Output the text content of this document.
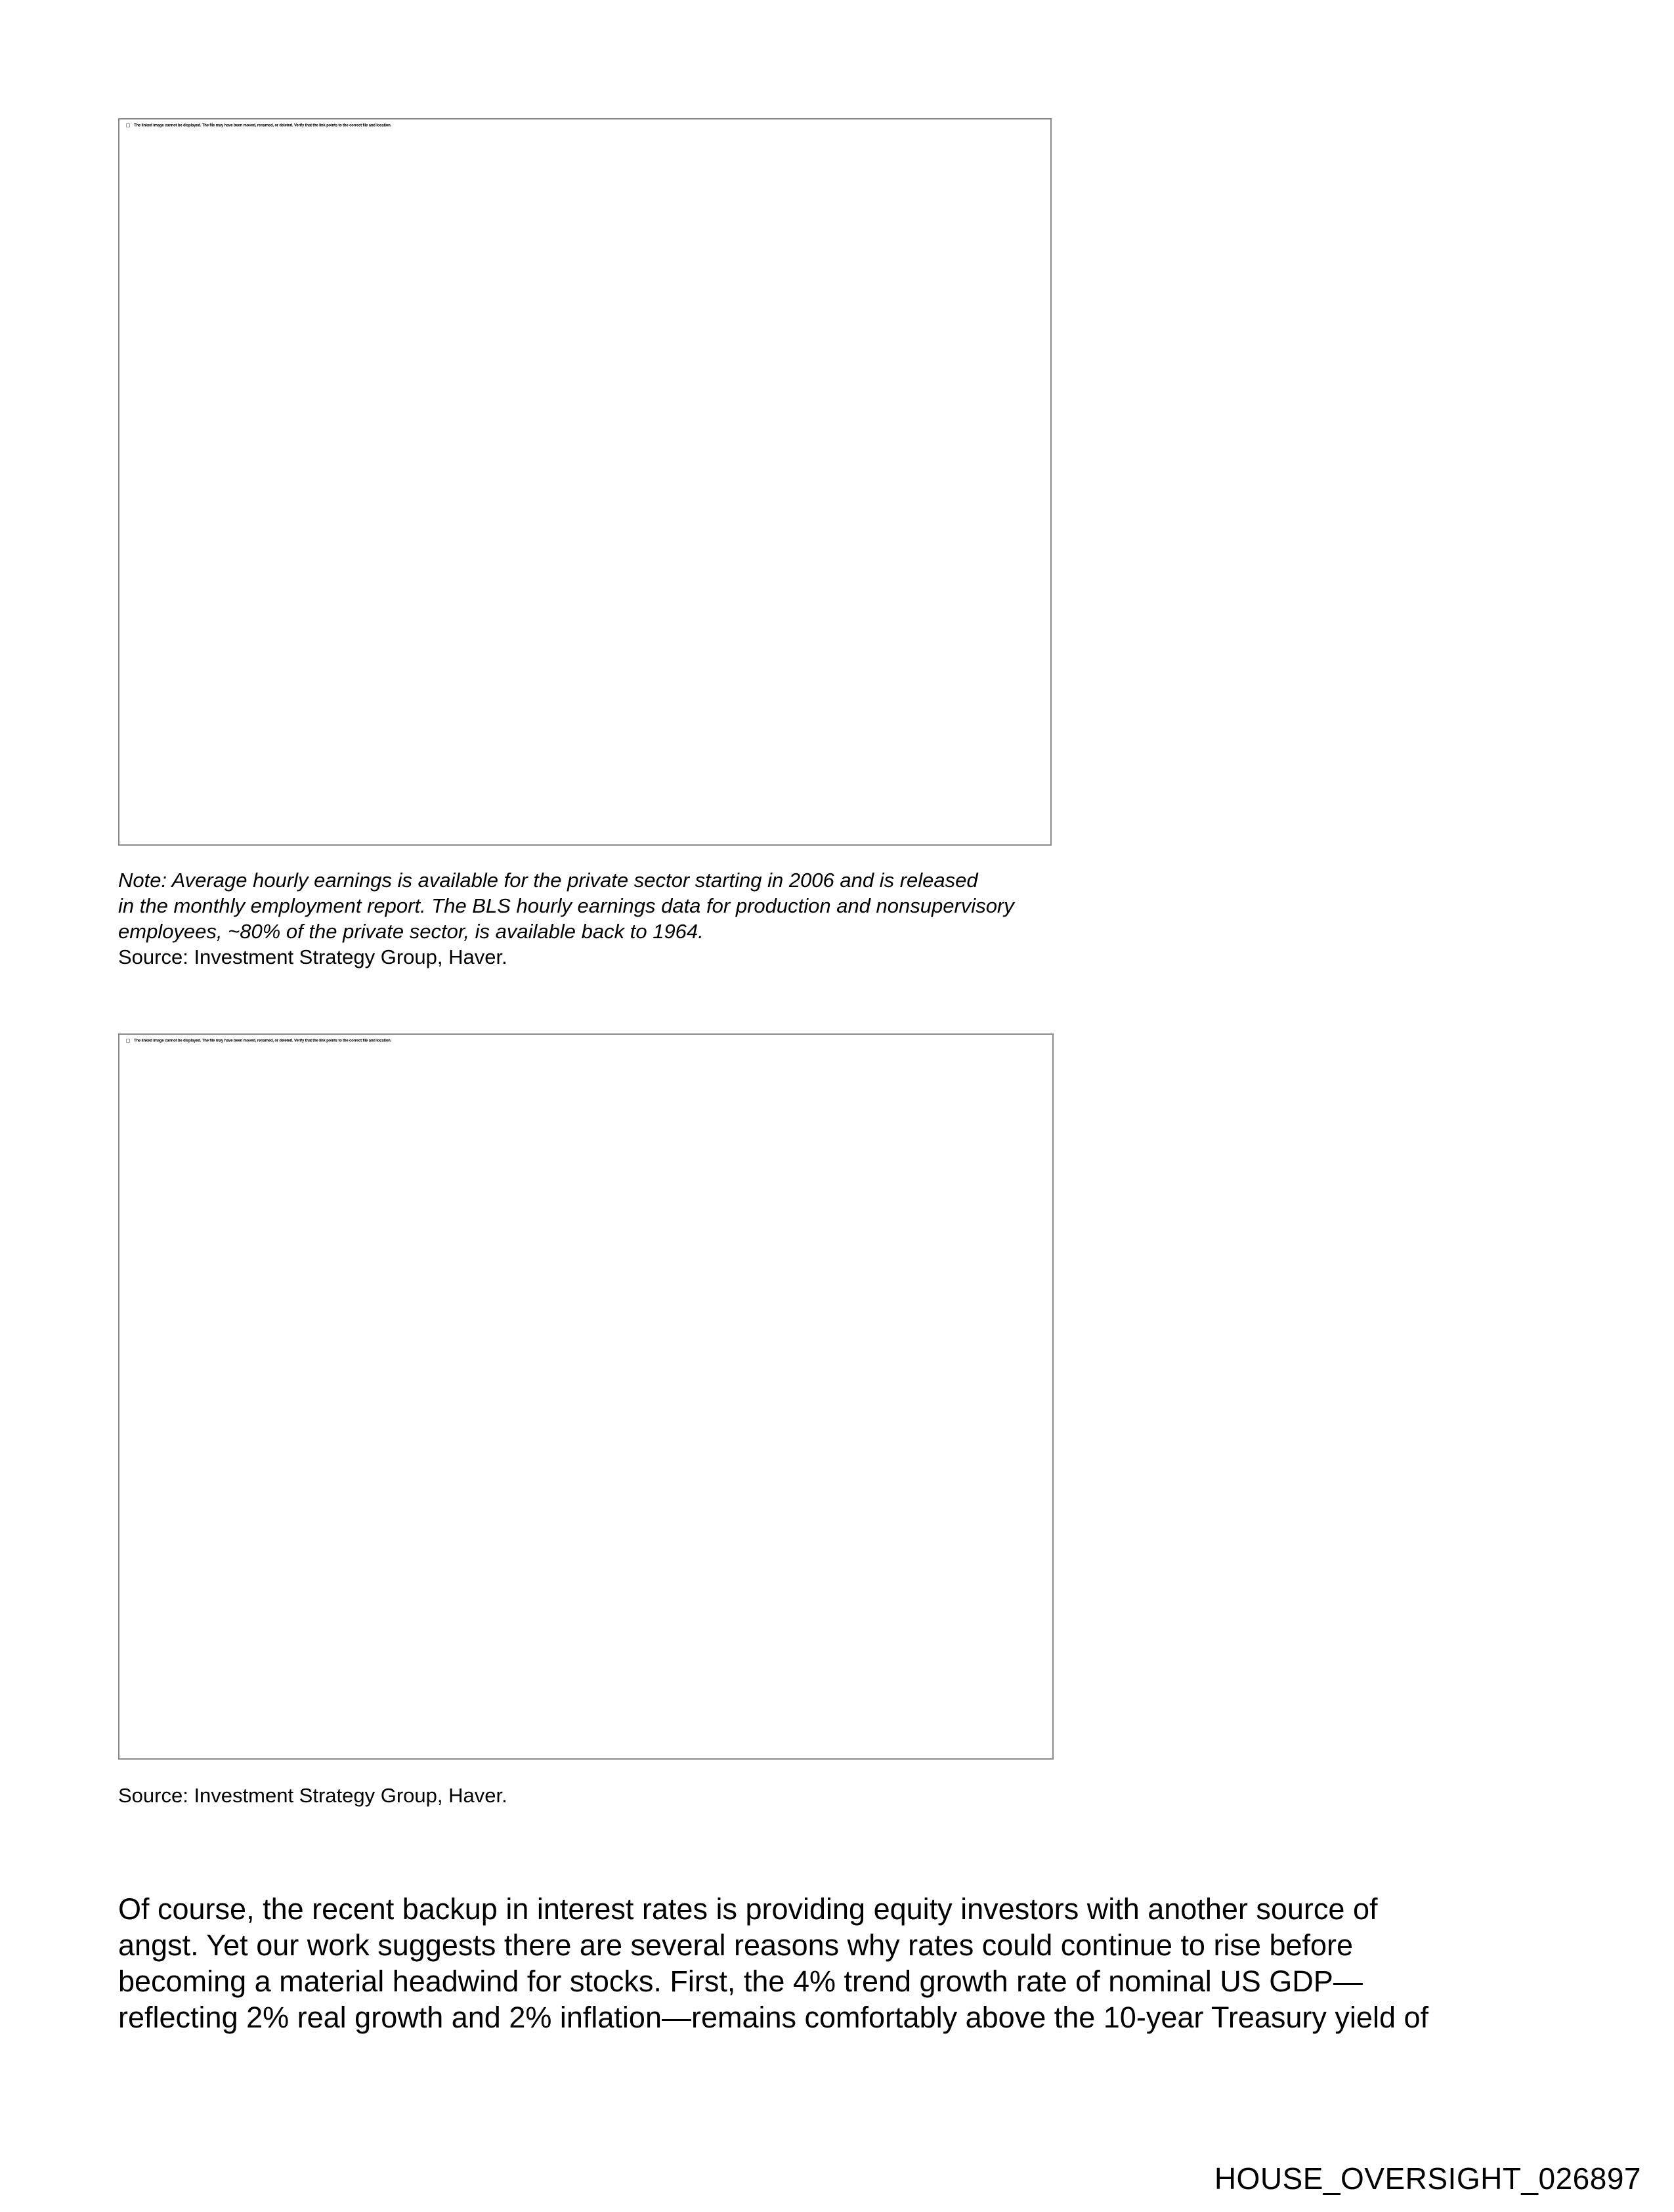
The linked image cannot be displayed. The file may have been moved, renamed, or deleted. Verify that the link points to the correct file and location.
Note: Average hourly earnings is available for the private sector starting in 2006 and is released
in the monthly employment report. The BLS hourly earnings data for production and nonsupervisory
employees, ~80% of the private sector, is available back to 1964.
Source: Investment Strategy Group, Haver.
The linked image cannot be displayed. The file may have been moved, renamed, or deleted. Verify that the link points to the correct file and location.
Source: Investment Strategy Group, Haver.
Of course, the recent backup in interest rates is providing equity investors with another source of
angst. Yet our work suggests there are several reasons why rates could continue to rise before
becoming a material headwind for stocks. First, the 4% trend growth rate of nominal US GDP—
reflecting 2% real growth and 2% inflation—remains comfortably above the 10-year Treasury yield of
HOUSE_OVERSIGHT_026897
